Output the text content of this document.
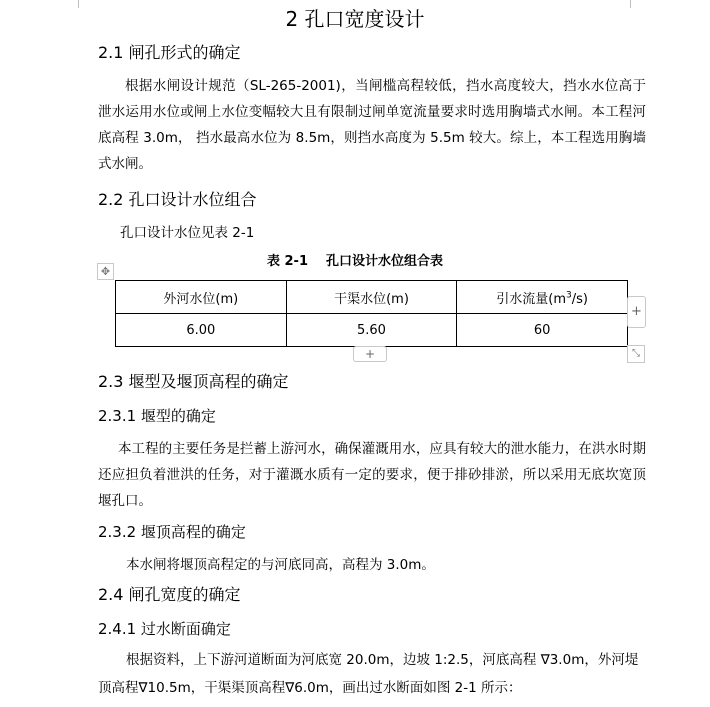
2 孔口宽度设计
2.1 闸孔形式的确定
根据水闸设计规范（SL-265-2001)，当闸槛高程较低，挡水高度较大，挡水水位高于泄水运用水位或闸上水位变幅较大且有限制过闸单宽流量要求时选用胸墙式水闸。本工程河底高程 3.0m， 挡水最高水位为 8.5m，则挡水高度为 5.5m 较大。综上，本工程选用胸墙式水闸。
2.2 孔口设计水位组合
孔口设计水位见表 2-1
表 2-1 孔口设计水位组合表
✥
外河水位(m)	干渠水位(m)	引水流量$(m^3/s)$
6.00	5.60	60
+
+	⤡
2.3 堰型及堰顶高程的确定
2.3.1 堰型的确定
本工程的主要任务是拦蓄上游河水，确保灌溉用水，应具有较大的泄水能力，在洪水时期还应担负着泄洪的任务，对于灌溉水质有一定的要求，便于排砂排淤，所以采用无底坎宽顶堰孔口。
2.3.2 堰顶高程的确定
本水闸将堰顶高程定的与河底同高，高程为 3.0m。
2.4 闸孔宽度的确定
2.4.1 过水断面确定
根据资料，上下游河道断面为河底宽 20.0m，边坡 1:2.5，河底高程 ∇3.0m，外河堤
顶高程∇10.5m，干渠渠顶高程∇6.0m，画出过水断面如图 2-1 所示：
